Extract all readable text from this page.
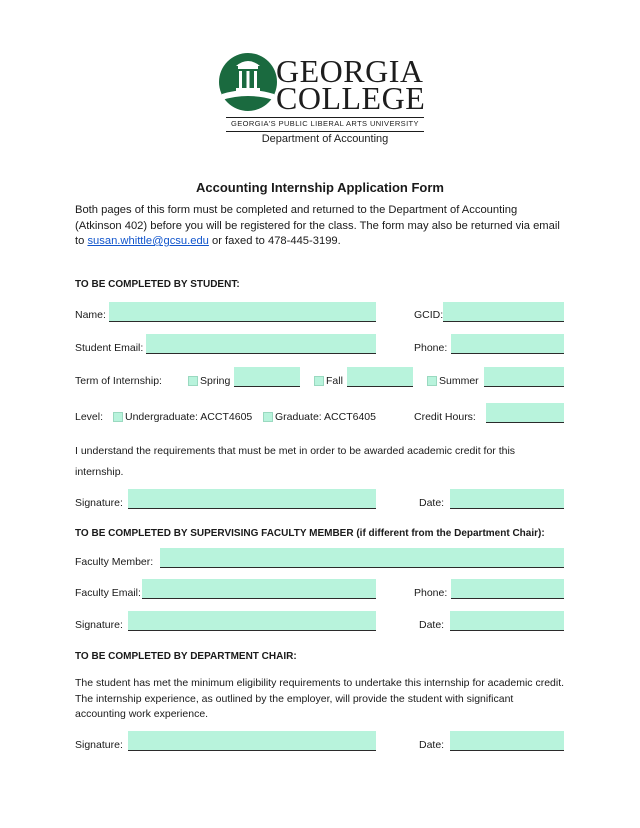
GEORGIA
COLLEGE
GEORGIA'S PUBLIC LIBERAL ARTS UNIVERSITY
Department of Accounting
Accounting Internship Application Form
Both pages of this form must be completed and returned to the Department of Accounting (Atkinson 402) before you will be registered for the class. The form may also be returned via email to susan.whittle@gcsu.edu or faxed to 478-445-3199.
TO BE COMPLETED BY STUDENT:
Name:	GCID:
Student Email:	Phone:
Term of Internship:	Spring	Fall	Summer
Level: Undergraduate: ACCT4605 Graduate: ACCT6405	Credit Hours:
I understand the requirements that must be met in order to be awarded academic credit for this internship.
Signature:	Date:
TO BE COMPLETED BY SUPERVISING FACULTY MEMBER (if different from the Department Chair):
Faculty Member:
Faculty Email:	Phone:
Signature:	Date:
TO BE COMPLETED BY DEPARTMENT CHAIR:
The student has met the minimum eligibility requirements to undertake this internship for academic credit. The internship experience, as outlined by the employer, will provide the student with significant accounting work experience.
Signature:	Date:
